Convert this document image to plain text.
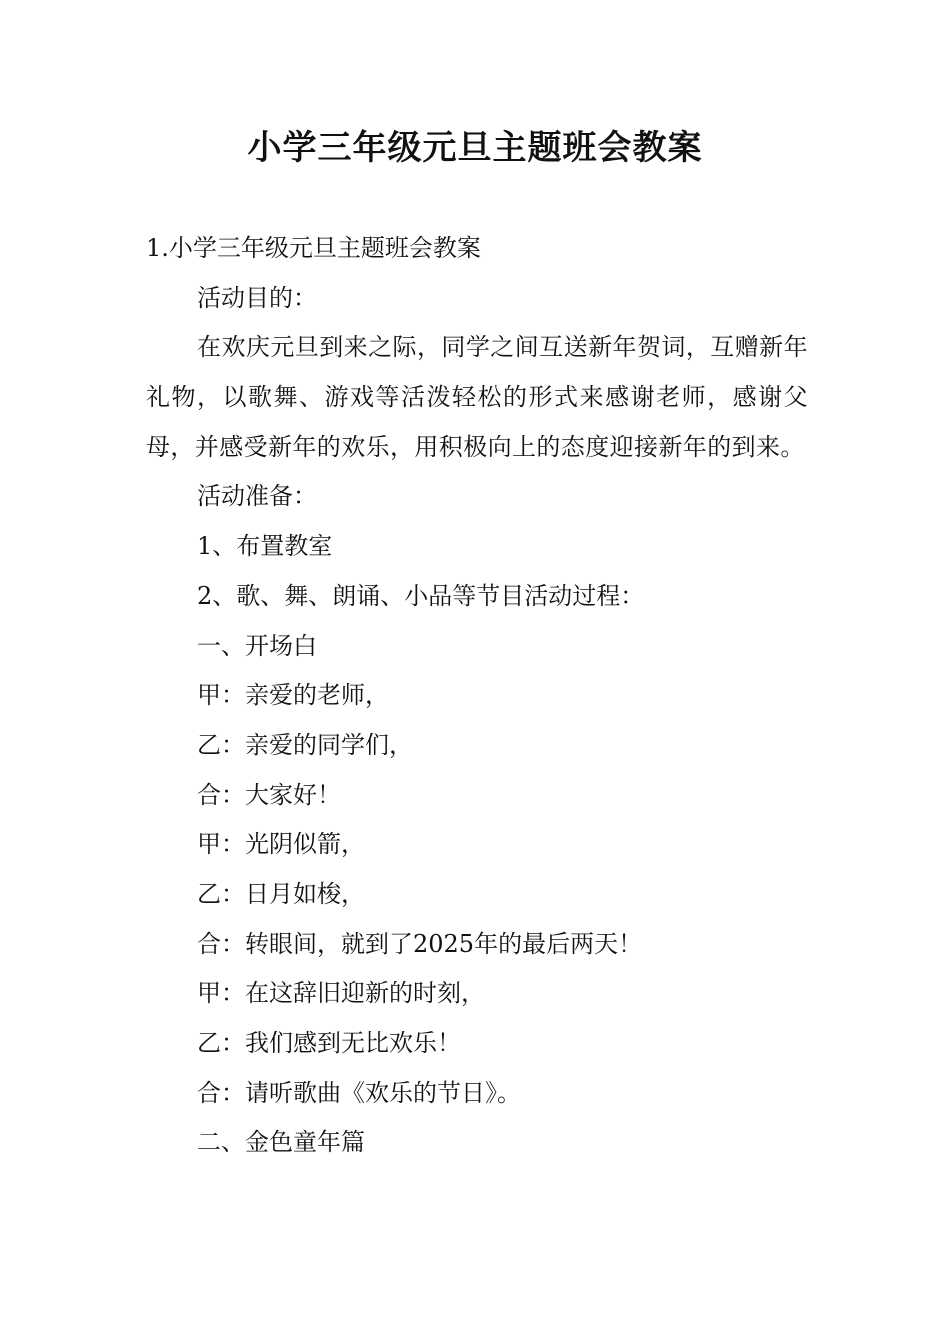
小学三年级元旦主题班会教案
1.小学三年级元旦主题班会教案
活动目的：
在欢庆元旦到来之际，同学之间互送新年贺词，互赠新年礼物，以歌舞、游戏等活泼轻松的形式来感谢老师，感谢父母，并感受新年的欢乐，用积极向上的态度迎接新年的到来。
活动准备：
1、布置教室
2、歌、舞、朗诵、小品等节目活动过程：
一、开场白
甲：亲爱的老师，
乙：亲爱的同学们，
合：大家好！
甲：光阴似箭，
乙：日月如梭，
合：转眼间，就到了2025年的最后两天！
甲：在这辞旧迎新的时刻，
乙：我们感到无比欢乐！
合：请听歌曲《欢乐的节日》。
二、金色童年篇
